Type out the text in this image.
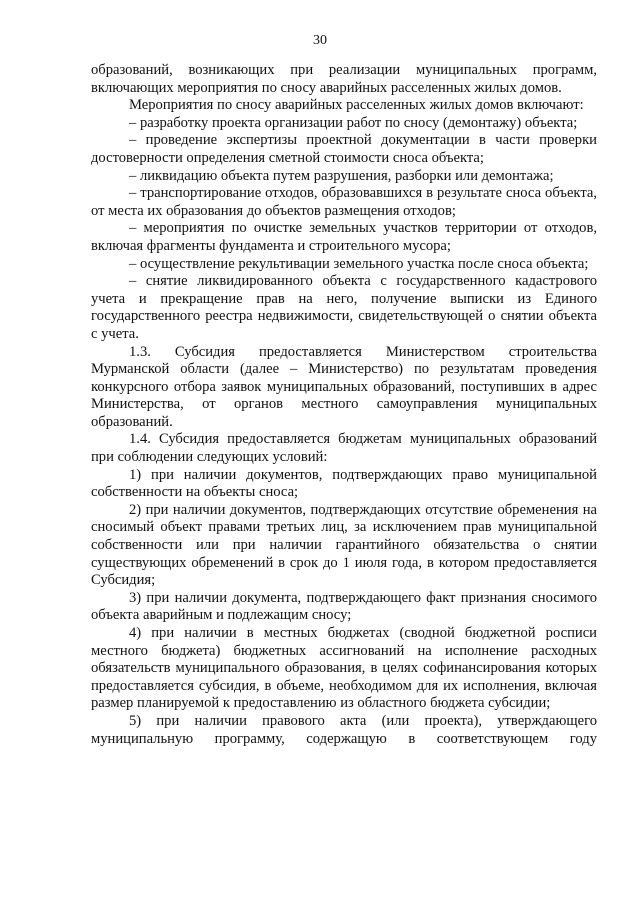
30

образований, возникающих при реализации муниципальных программ, включающих мероприятия по сносу аварийных расселенных жилых домов.

Мероприятия по сносу аварийных расселенных жилых домов включают:

– разработку проекта организации работ по сносу (демонтажу) объекта;

– проведение экспертизы проектной документации в части проверки достоверности определения сметной стоимости сноса объекта;

– ликвидацию объекта путем разрушения, разборки или демонтажа;

– транспортирование отходов, образовавшихся в результате сноса объекта, от места их образования до объектов размещения отходов;

– мероприятия по очистке земельных участков территории от отходов, включая фрагменты фундамента и строительного мусора;

– осуществление рекультивации земельного участка после сноса объекта;

– снятие ликвидированного объекта с государственного кадастрового учета и прекращение прав на него, получение выписки из Единого государственного реестра недвижимости, свидетельствующей о снятии объекта с учета.

1.3. Субсидия предоставляется Министерством строительства Мурманской области (далее – Министерство) по результатам проведения конкурсного отбора заявок муниципальных образований, поступивших в адрес Министерства, от органов местного самоуправления муниципальных образований.

1.4. Субсидия предоставляется бюджетам муниципальных образований при соблюдении следующих условий:

1) при наличии документов, подтверждающих право муниципальной собственности на объекты сноса;

2) при наличии документов, подтверждающих отсутствие обременения на сносимый объект правами третьих лиц, за исключением прав муниципальной собственности или при наличии гарантийного обязательства о снятии существующих обременений в срок до 1 июля года, в котором предоставляется Субсидия;

3) при наличии документа, подтверждающего факт признания сносимого объекта аварийным и подлежащим сносу;

4) при наличии в местных бюджетах (сводной бюджетной росписи местного бюджета) бюджетных ассигнований на исполнение расходных обязательств муниципального образования, в целях софинансирования которых предоставляется субсидия, в объеме, необходимом для их исполнения, включая размер планируемой к предоставлению из областного бюджета субсидии;

5) при наличии правового акта (или проекта), утверждающего муниципальную программу, содержащую в соответствующем году
